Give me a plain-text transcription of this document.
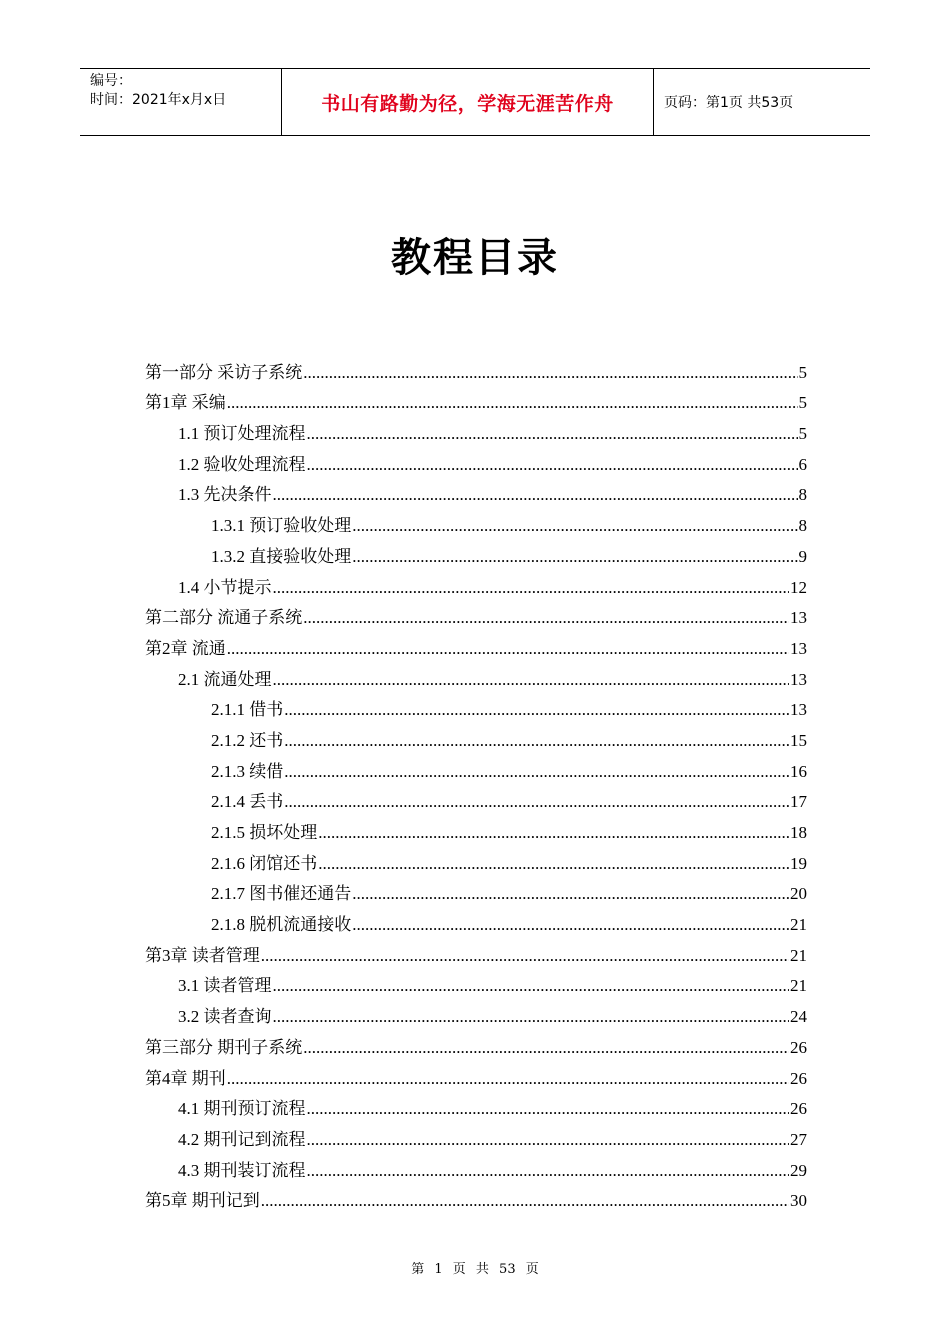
编号：
时间：2021年x月x日	书山有路勤为径，学海无涯苦作舟	页码：第1页 共53页
教程目录
第一部分 采访子系统 .....	5
第1章 采编 .....	5
1.1 预订处理流程 .....	5
1.2 验收处理流程 .....	6
1.3 先决条件 .....	8
1.3.1 预订验收处理 .....	8
1.3.2 直接验收处理 .....	9
1.4 小节提示 .....	12
第二部分 流通子系统 .....	13
第2章 流通 .....	13
2.1 流通处理 .....	13
2.1.1 借书 .....	13
2.1.2 还书 .....	15
2.1.3 续借 .....	16
2.1.4 丢书 .....	17
2.1.5 损坏处理 .....	18
2.1.6 闭馆还书 .....	19
2.1.7 图书催还通告 .....	20
2.1.8 脱机流通接收 .....	21
第3章 读者管理 .....	21
3.1 读者管理 .....	21
3.2 读者查询 .....	24
第三部分 期刊子系统 .....	26
第4章 期刊 .....	26
4.1 期刊预订流程 .....	26
4.2 期刊记到流程 .....	27
4.3 期刊装订流程 .....	29
第5章 期刊记到 .....	30
第 1 页 共 53 页
